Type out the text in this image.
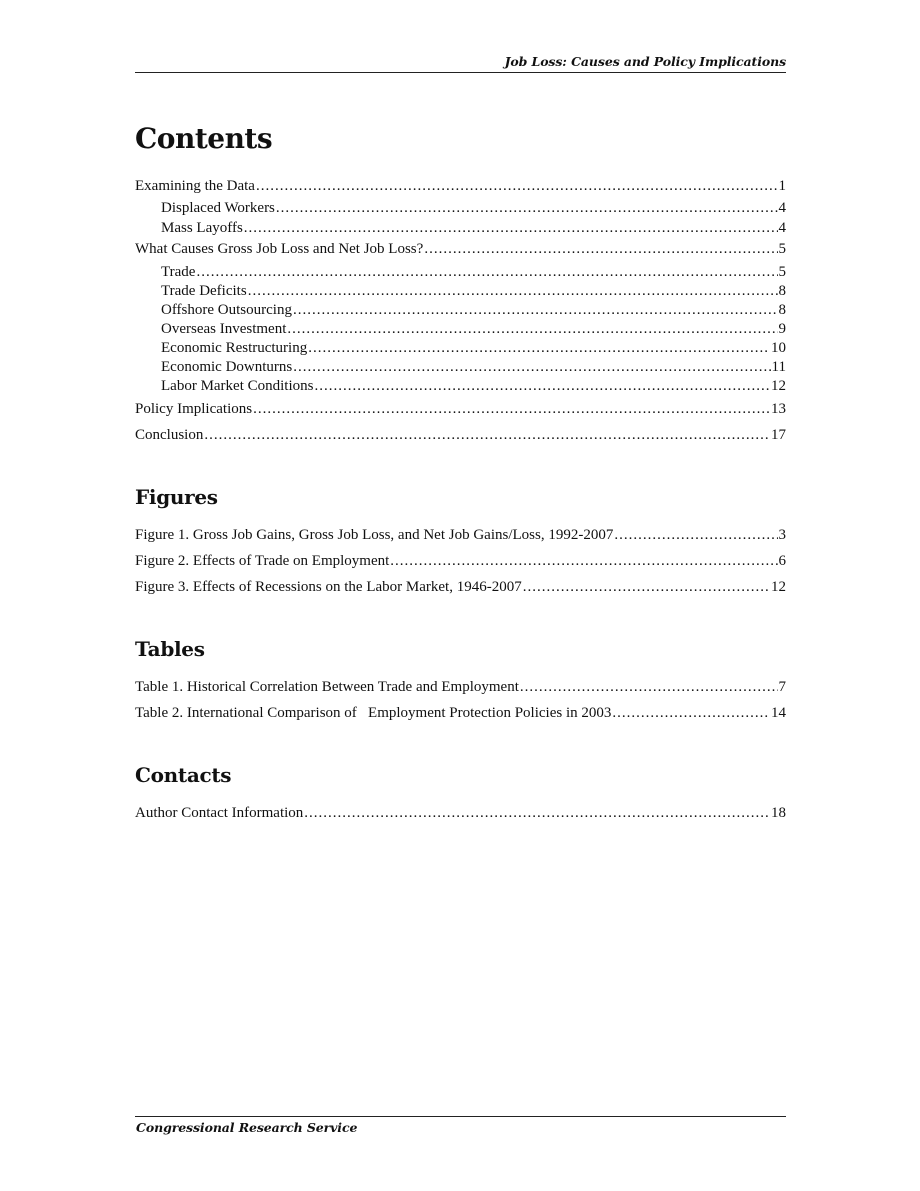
Job Loss: Causes and Policy Implications
Contents
Examining the Data .....	1
Displaced Workers .....	4
Mass Layoffs .....	4
What Causes Gross Job Loss and Net Job Loss? .....	5
Trade .....	5
Trade Deficits .....	8
Offshore Outsourcing .....	8
Overseas Investment .....	9
Economic Restructuring .....	10
Economic Downturns .....	11
Labor Market Conditions .....	12
Policy Implications .....	13
Conclusion .....	17
Figures
Figure 1. Gross Job Gains, Gross Job Loss, and Net Job Gains/Loss, 1992-2007 .....	3
Figure 2. Effects of Trade on Employment .....	6
Figure 3. Effects of Recessions on the Labor Market, 1946-2007 .....	12
Tables
Table 1. Historical Correlation Between Trade and Employment .....	7
Table 2. International Comparison of   Employment Protection Policies in 2003 .....	14
Contacts
Author Contact Information .....	18
Congressional Research Service
